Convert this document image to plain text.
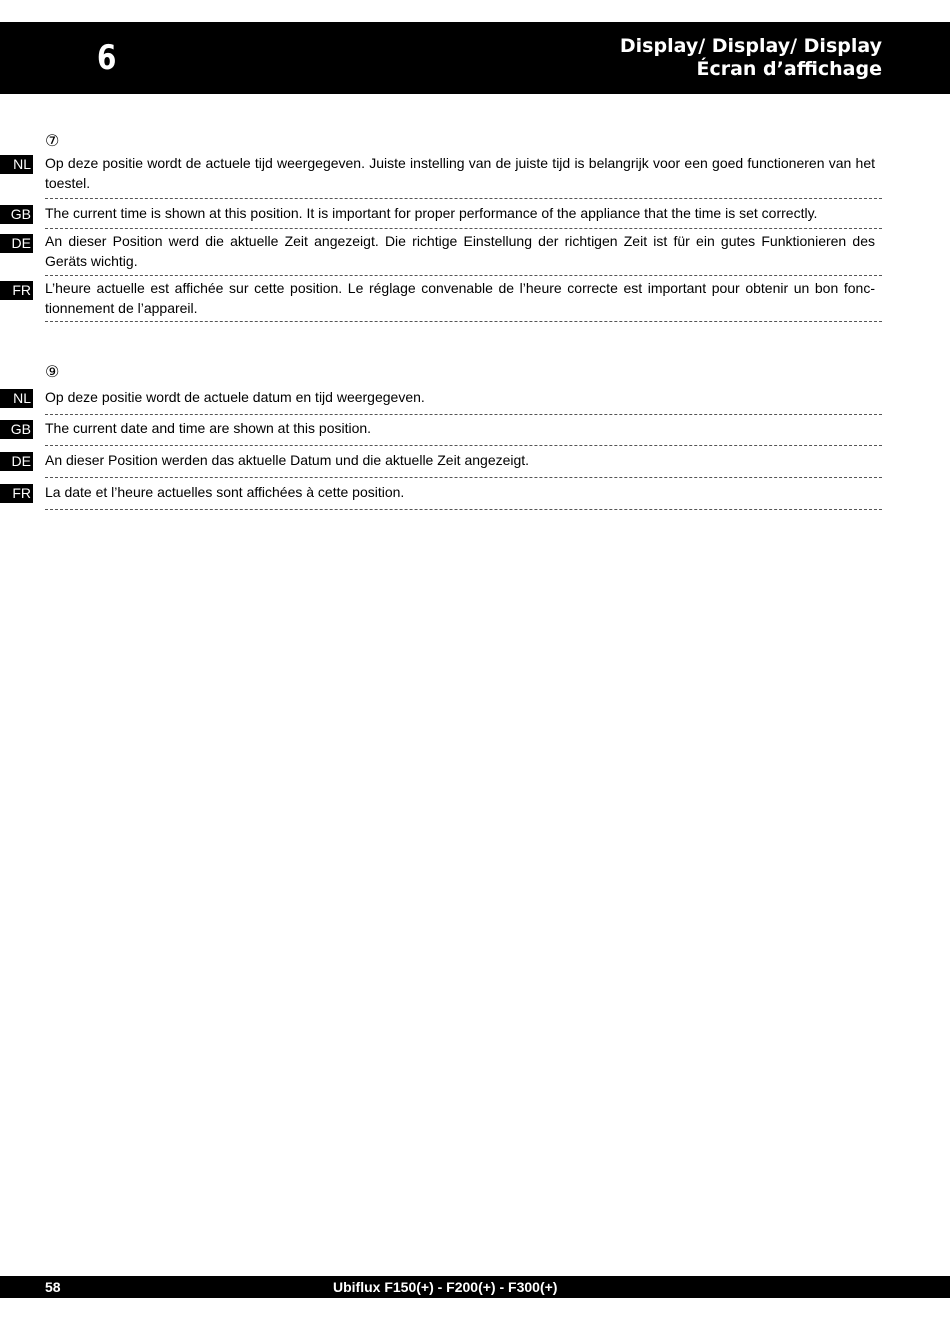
6	Display/ Display/ Display
Écran d’affichage
⑦
NL Op deze positie wordt de actuele tijd weergegeven. Juiste instelling van de juiste tijd is belangrijk voor een goed functioneren van het toestel.
GB The current time is shown at this position. It is important for proper performance of the appliance that the time is set correctly.
DE An dieser Position werd die aktuelle Zeit angezeigt. Die richtige Einstellung der richtigen Zeit ist für ein gutes Funktionieren des Geräts wichtig.
FR L’heure actuelle est affichée sur cette position. Le réglage convenable de l’heure correcte est important pour obtenir un bon fonctionnement de l’appareil.
⑨
NL Op deze positie wordt de actuele datum en tijd weergegeven.
GB The current date and time are shown at this position.
DE An dieser Position werden das aktuelle Datum und die aktuelle Zeit angezeigt.
FR La date et l’heure actuelles sont affichées à cette position.
58	Ubiflux F150(+) - F200(+) - F300(+)
